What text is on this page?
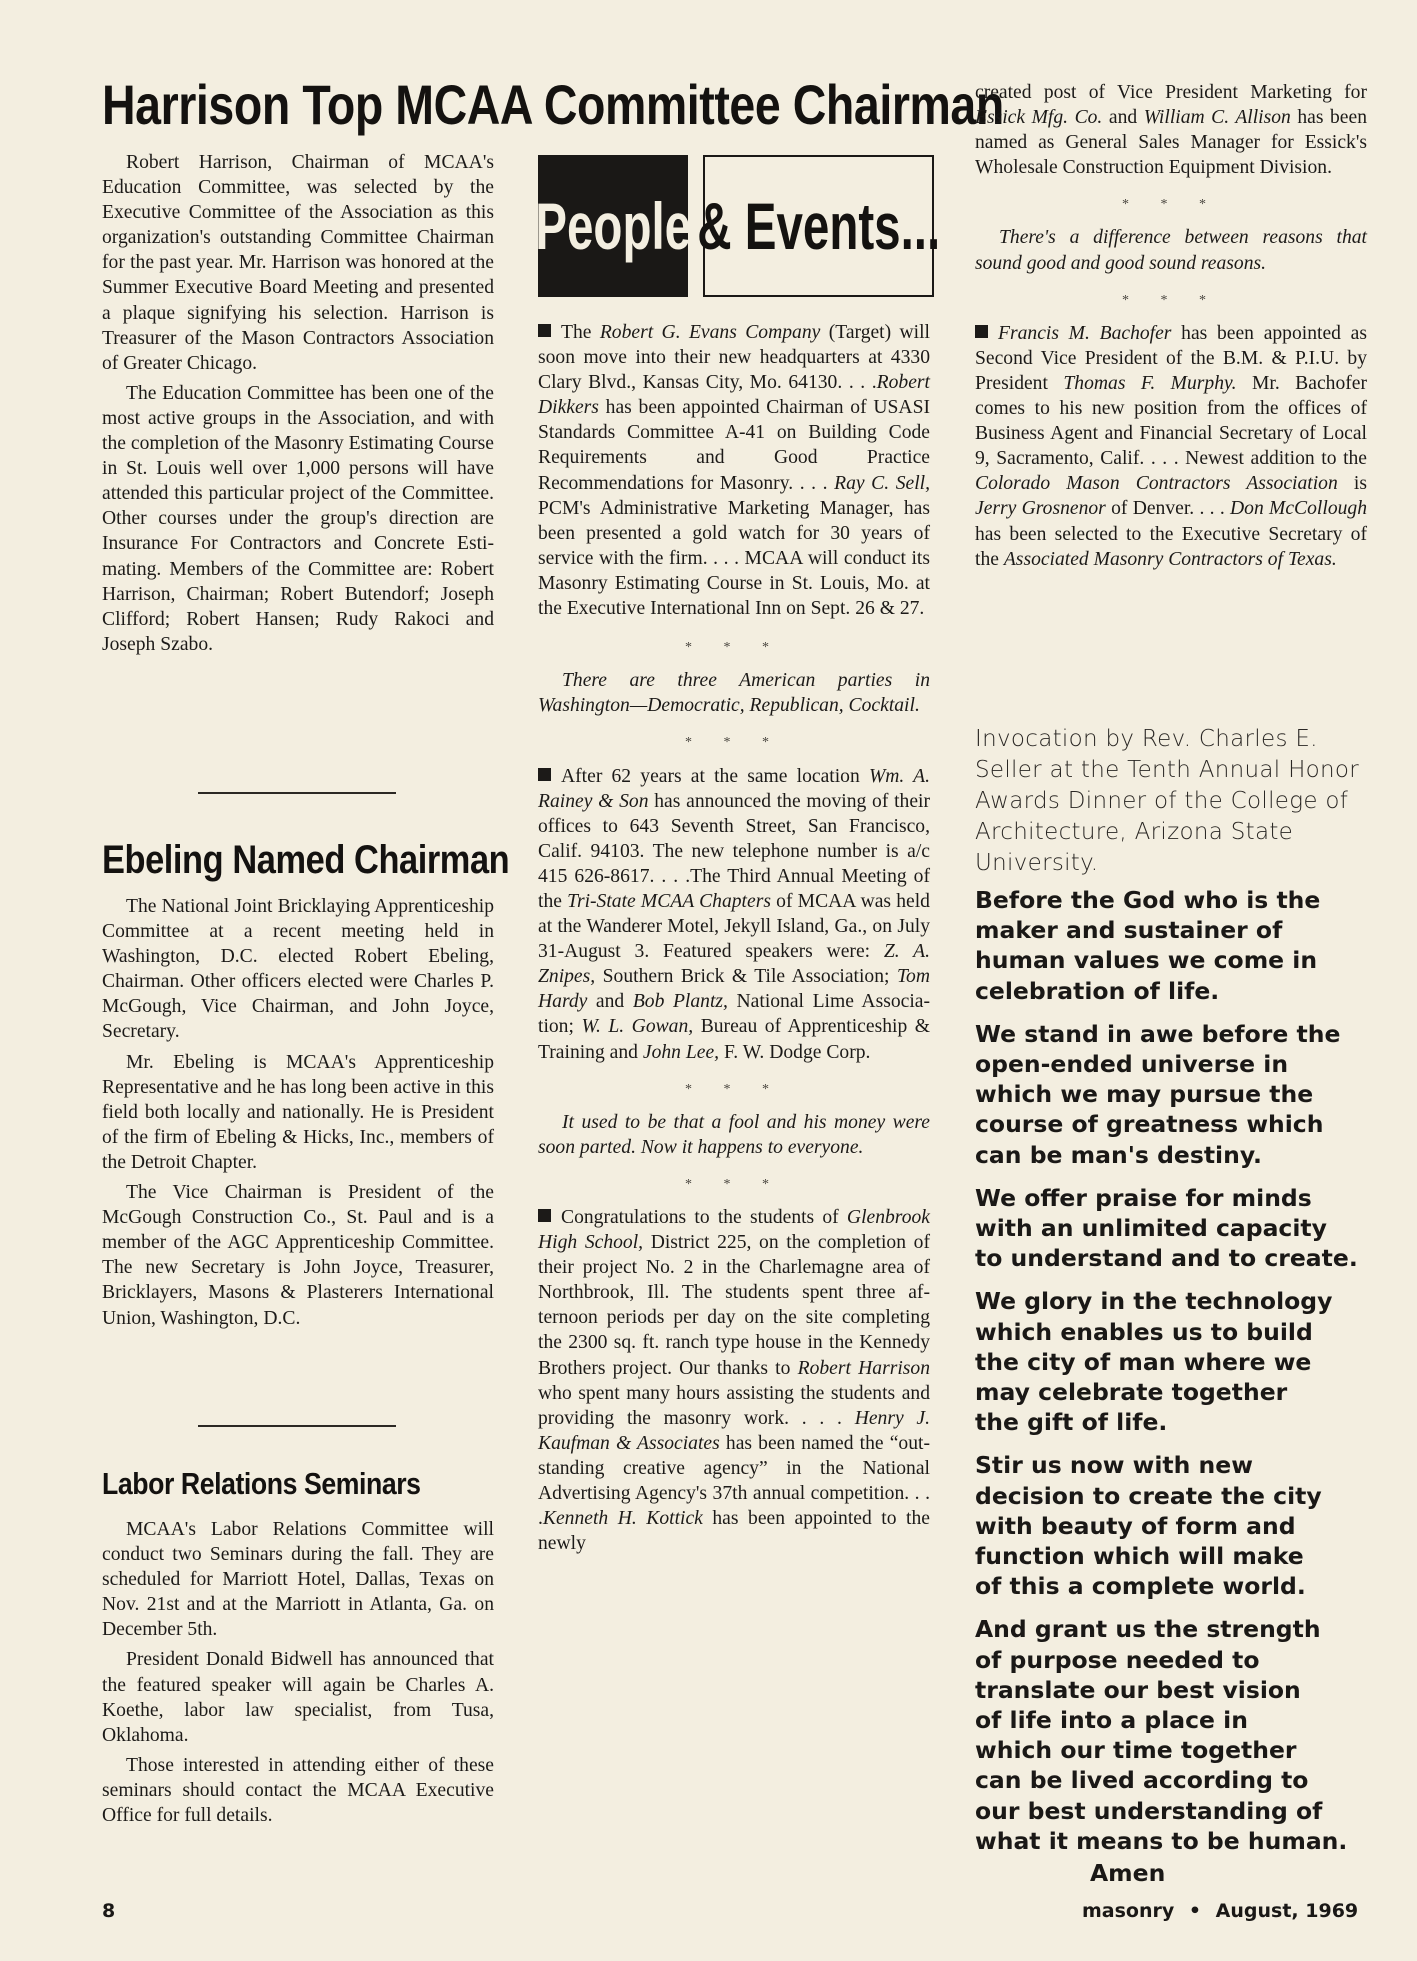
Harrison Top MCAA Committee Chairman

Robert Harrison, Chairman of MCAA's Education Committee, was selected by the Executive Committee of the Association as this organization's outstanding Committee Chairman for the past year. Mr. Harrison was honored at the Summer Executive Board Meeting and presented a plaque signifying his selection. Harrison is Treasurer of the Mason Contractors Association of Greater Chicago.

The Education Committee has been one of the most active groups in the Association, and with the completion of the Masonry Estimating Course in St. Louis well over 1,000 persons will have attended this particular project of the Committee. Other courses under the group's direction are Insurance For Contractors and Concrete Estimating. Members of the Committee are: Robert Harrison, Chairman; Robert Butendorf; Joseph Clifford; Robert Hansen; Rudy Rakoci and Joseph Szabo.

Ebeling Named Chairman

The National Joint Bricklaying Apprenticeship Committee at a recent meeting held in Washington, D.C. elected Robert Ebeling, Chairman. Other officers elected were Charles P. McGough, Vice Chairman, and John Joyce, Secretary.

Mr. Ebeling is MCAA's Apprenticeship Representative and he has long been active in this field both locally and nationally. He is President of the firm of Ebeling & Hicks, Inc., members of the Detroit Chapter.

The Vice Chairman is President of the McGough Construction Co., St. Paul and is a member of the AGC Apprenticeship Committee. The new Secretary is John Joyce, Treasurer, Bricklayers, Masons & Plasterers International Union, Washington, D.C.

Labor Relations Seminars

MCAA's Labor Relations Committee will conduct two Seminars during the fall. They are scheduled for Marriott Hotel, Dallas, Texas on Nov. 21st and at the Marriott in Atlanta, Ga. on December 5th.

President Donald Bidwell has announced that the featured speaker will again be Charles A. Koethe, labor law specialist, from Tusa, Oklahoma.

Those interested in attending either of these seminars should contact the MCAA Executive Office for full details.

People & Events...

The Robert G. Evans Company (Target) will soon move into their new headquarters at 4330 Clary Blvd., Kansas City, Mo. 64130. . . .Robert Dikkers has been appointed Chairman of USASI Standards Committee A-41 on Building Code Requirements and Good Practice Recommendations for Masonry. . . . Ray C. Sell, PCM's Administrative Marketing Manager, has been presented a gold watch for 30 years of service with the firm. . . . MCAA will conduct its Masonry Estimating Course in St. Louis, Mo. at the Executive International Inn on Sept. 26 & 27.

* * *

There are three American parties in Washington—Democratic, Republican, Cocktail.

* * *

After 62 years at the same location Wm. A. Rainey & Son has announced the moving of their offices to 643 Seventh Street, San Francisco, Calif. 94103. The new telephone number is a/c 415 626-8617. . . .The Third Annual Meeting of the Tri-State MCAA Chapters of MCAA was held at the Wanderer Motel, Jekyll Island, Ga., on July 31-August 3. Featured speakers were: Z. A. Znipes, Southern Brick & Tile Association; Tom Hardy and Bob Plantz, National Lime Association; W. L. Gowan, Bureau of Apprenticeship & Training and John Lee, F. W. Dodge Corp.

* * *

It used to be that a fool and his money were soon parted. Now it happens to everyone.

* * *

Congratulations to the students of Glenbrook High School, District 225, on the completion of their project No. 2 in the Charlemagne area of Northbrook, Ill. The students spent three afternoon periods per day on the site completing the 2300 sq. ft. ranch type house in the Kennedy Brothers project. Our thanks to Robert Harrison who spent many hours assisting the students and providing the masonry work. . . . Henry J. Kaufman & Associates has been named the “outstanding creative agency” in the National Advertising Agency's 37th annual competition. . . .Kenneth H. Kottick has been appointed to the newly

created post of Vice President Marketing for Essick Mfg. Co. and William C. Allison has been named as General Sales Manager for Essick's Wholesale Construction Equipment Division.

* * *

There's a difference between reasons that sound good and good sound reasons.

* * *

Francis M. Bachofer has been appointed as Second Vice President of the B.M. & P.I.U. by President Thomas F. Murphy. Mr. Bachofer comes to his new position from the offices of Business Agent and Financial Secretary of Local 9, Sacramento, Calif. . . . Newest addition to the Colorado Mason Contractors Association is Jerry Grosnenor of Denver. . . . Don McCollough has been selected to the Executive Secretary of the Associated Masonry Contractors of Texas.

Invocation by Rev. Charles E. Seller at the Tenth Annual Honor Awards Dinner of the College of Architecture, Arizona State University.

Before the God who is the
maker and sustainer of
human values we come in
celebration of life.

We stand in awe before the
open-ended universe in
which we may pursue the
course of greatness which
can be man's destiny.

We offer praise for minds
with an unlimited capacity
to understand and to create.

We glory in the technology
which enables us to build
the city of man where we
may celebrate together
the gift of life.

Stir us now with new
decision to create the city
with beauty of form and
function which will make
of this a complete world.

And grant us the strength
of purpose needed to
translate our best vision
of life into a place in
which our time together
can be lived according to
our best understanding of
what it means to be human.

Amen
8	masonry • August, 1969
